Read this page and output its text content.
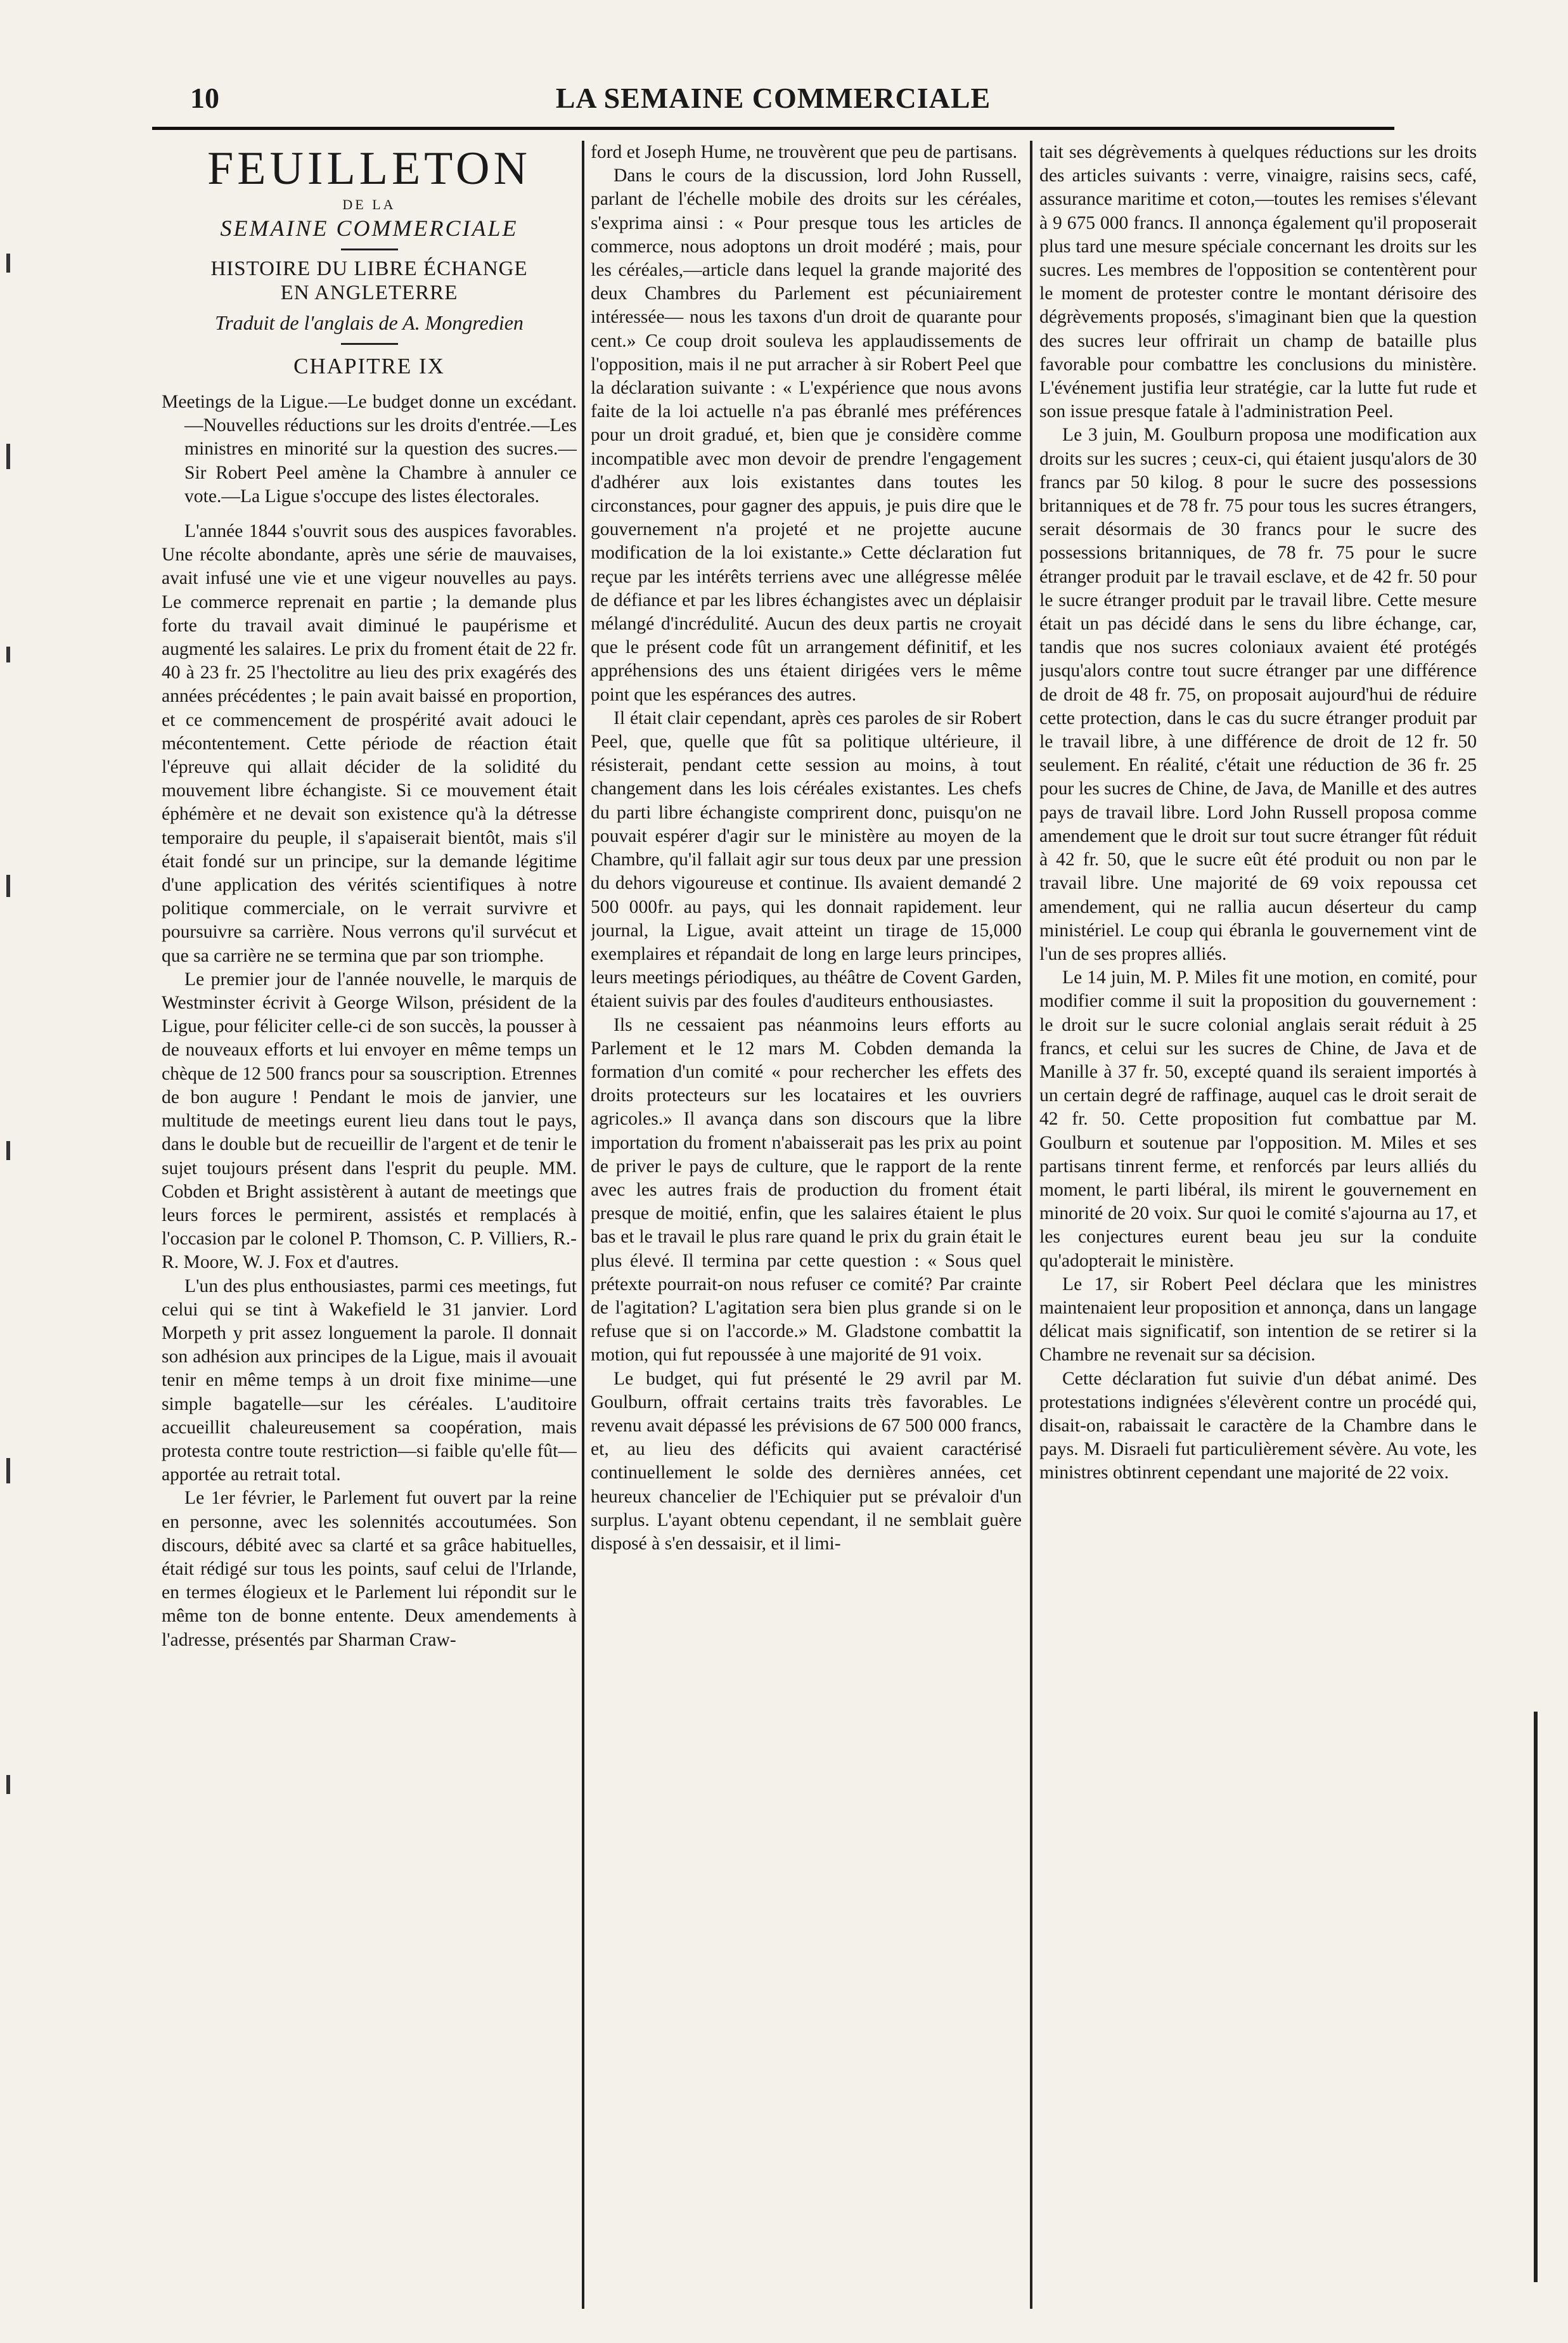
10	LA SEMAINE COMMERCIALE
FEUILLETON
DE LA
SEMAINE COMMERCIALE
HISTOIRE DU LIBRE ÉCHANGE
EN ANGLETERRE
Traduit de l'anglais de A. Mongredien
CHAPITRE IX

Meetings de la Ligue.—Le budget donne un excédant.—Nouvelles réductions sur les droits d'entrée.—Les ministres en minorité sur la question des sucres.—Sir Robert Peel amène la Chambre à annuler ce vote.—La Ligue s'occupe des listes électorales.

L'année 1844 s'ouvrit sous des auspices favorables. Une récolte abondante, après une série de mauvaises, avait infusé une vie et une vigeur nouvelles au pays. Le commerce reprenait en partie ; la demande plus forte du travail avait diminué le paupérisme et augmenté les salaires. Le prix du froment était de 22 fr. 40 à 23 fr. 25 l'hectolitre au lieu des prix exagérés des années précédentes ; le pain avait baissé en proportion, et ce commencement de prospérité avait adouci le mécontentement. Cette période de réaction était l'épreuve qui allait décider de la solidité du mouvement libre échangiste. Si ce mouvement était éphémère et ne devait son existence qu'à la détresse temporaire du peuple, il s'apaiserait bientôt, mais s'il était fondé sur un principe, sur la demande légitime d'une application des vérités scientifiques à notre politique commerciale, on le verrait survivre et poursuivre sa carrière. Nous verrons qu'il survécut et que sa carrière ne se termina que par son triomphe.

Le premier jour de l'année nouvelle, le marquis de Westminster écrivit à George Wilson, président de la Ligue, pour féliciter celle-ci de son succès, la pousser à de nouveaux efforts et lui envoyer en même temps un chèque de 12 500 francs pour sa souscription. Etrennes de bon augure ! Pendant le mois de janvier, une multitude de meetings eurent lieu dans tout le pays, dans le double but de recueillir de l'argent et de tenir le sujet toujours présent dans l'esprit du peuple. MM. Cobden et Bright assistèrent à autant de meetings que leurs forces le permirent, assistés et remplacés à l'occasion par le colonel P. Thomson, C. P. Villiers, R.-R. Moore, W. J. Fox et d'autres.

L'un des plus enthousiastes, parmi ces meetings, fut celui qui se tint à Wakefield le 31 janvier. Lord Morpeth y prit assez longuement la parole. Il donnait son adhésion aux principes de la Ligue, mais il avouait tenir en même temps à un droit fixe minime—une simple bagatelle—sur les céréales. L'auditoire accueillit chaleureusement sa coopération, mais protesta contre toute restriction—si faible qu'elle fût—apportée au retrait total.

Le 1er février, le Parlement fut ouvert par la reine en personne, avec les solennités accoutumées. Son discours, débité avec sa clarté et sa grâce habituelles, était rédigé sur tous les points, sauf celui de l'Irlande, en termes élogieux et le Parlement lui répondit sur le même ton de bonne entente. Deux amendements à l'adresse, présentés par Sharman Craw-

ford et Joseph Hume, ne trouvèrent que peu de partisans.

Dans le cours de la discussion, lord John Russell, parlant de l'échelle mobile des droits sur les céréales, s'exprima ainsi : « Pour presque tous les articles de commerce, nous adoptons un droit modéré ; mais, pour les céréales,—article dans lequel la grande majorité des deux Chambres du Parlement est pécuniairement intéressée— nous les taxons d'un droit de quarante pour cent.» Ce coup droit souleva les applaudissements de l'opposition, mais il ne put arracher à sir Robert Peel que la déclaration suivante : « L'expérience que nous avons faite de la loi actuelle n'a pas ébranlé mes préférences pour un droit gradué, et, bien que je considère comme incompatible avec mon devoir de prendre l'engagement d'adhérer aux lois existantes dans toutes les circonstances, pour gagner des appuis, je puis dire que le gouvernement n'a projeté et ne projette aucune modification de la loi existante.» Cette déclaration fut reçue par les intérêts terriens avec une allégresse mêlée de défiance et par les libres échangistes avec un déplaisir mélangé d'incrédulité. Aucun des deux partis ne croyait que le présent code fût un arrangement définitif, et les appréhensions des uns étaient dirigées vers le même point que les espérances des autres.

Il était clair cependant, après ces paroles de sir Robert Peel, que, quelle que fût sa politique ultérieure, il résisterait, pendant cette session au moins, à tout changement dans les lois céréales existantes. Les chefs du parti libre échangiste comprirent donc, puisqu'on ne pouvait espérer d'agir sur le ministère au moyen de la Chambre, qu'il fallait agir sur tous deux par une pression du dehors vigoureuse et continue. Ils avaient demandé 2 500 000fr. au pays, qui les donnait rapidement. leur journal, la Ligue, avait atteint un tirage de 15,000 exemplaires et répandait de long en large leurs principes, leurs meetings périodiques, au théâtre de Covent Garden, étaient suivis par des foules d'auditeurs enthousiastes.

Ils ne cessaient pas néanmoins leurs efforts au Parlement et le 12 mars M. Cobden demanda la formation d'un comité « pour rechercher les effets des droits protecteurs sur les locataires et les ouvriers agricoles.» Il avança dans son discours que la libre importation du froment n'abaisserait pas les prix au point de priver le pays de culture, que le rapport de la rente avec les autres frais de production du froment était presque de moitié, enfin, que les salaires étaient le plus bas et le travail le plus rare quand le prix du grain était le plus élevé. Il termina par cette question : « Sous quel prétexte pourrait-on nous refuser ce comité? Par crainte de l'agitation? L'agitation sera bien plus grande si on le refuse que si on l'accorde.» M. Gladstone combattit la motion, qui fut repoussée à une majorité de 91 voix.

Le budget, qui fut présenté le 29 avril par M. Goulburn, offrait certains traits très favorables. Le revenu avait dépassé les prévisions de 67 500 000 francs, et, au lieu des déficits qui avaient caractérisé continuellement le solde des dernières années, cet heureux chancelier de l'Echiquier put se prévaloir d'un surplus. L'ayant obtenu cependant, il ne semblait guère disposé à s'en dessaisir, et il limi-

tait ses dégrèvements à quelques réductions sur les droits des articles suivants : verre, vinaigre, raisins secs, café, assurance maritime et coton,—toutes les remises s'élevant à 9 675 000 francs. Il annonça également qu'il proposerait plus tard une mesure spéciale concernant les droits sur les sucres. Les membres de l'opposition se contentèrent pour le moment de protester contre le montant dérisoire des dégrèvements proposés, s'imaginant bien que la question des sucres leur offrirait un champ de bataille plus favorable pour combattre les conclusions du ministère. L'événement justifia leur stratégie, car la lutte fut rude et son issue presque fatale à l'administration Peel.

Le 3 juin, M. Goulburn proposa une modification aux droits sur les sucres ; ceux-ci, qui étaient jusqu'alors de 30 francs par 50 kilog. 8 pour le sucre des possessions britanniques et de 78 fr. 75 pour tous les sucres étrangers, serait désormais de 30 francs pour le sucre des possessions britanniques, de 78 fr. 75 pour le sucre étranger produit par le travail esclave, et de 42 fr. 50 pour le sucre étranger produit par le travail libre. Cette mesure était un pas décidé dans le sens du libre échange, car, tandis que nos sucres coloniaux avaient été protégés jusqu'alors contre tout sucre étranger par une différence de droit de 48 fr. 75, on proposait aujourd'hui de réduire cette protection, dans le cas du sucre étranger produit par le travail libre, à une différence de droit de 12 fr. 50 seulement. En réalité, c'était une réduction de 36 fr. 25 pour les sucres de Chine, de Java, de Manille et des autres pays de travail libre. Lord John Russell proposa comme amendement que le droit sur tout sucre étranger fût réduit à 42 fr. 50, que le sucre eût été produit ou non par le travail libre. Une majorité de 69 voix repoussa cet amendement, qui ne rallia aucun déserteur du camp ministériel. Le coup qui ébranla le gouvernement vint de l'un de ses propres alliés.

Le 14 juin, M. P. Miles fit une motion, en comité, pour modifier comme il suit la proposition du gouvernement : le droit sur le sucre colonial anglais serait réduit à 25 francs, et celui sur les sucres de Chine, de Java et de Manille à 37 fr. 50, excepté quand ils seraient importés à un certain degré de raffinage, auquel cas le droit serait de 42 fr. 50. Cette proposition fut combattue par M. Goulburn et soutenue par l'opposition. M. Miles et ses partisans tinrent ferme, et renforcés par leurs alliés du moment, le parti libéral, ils mirent le gouvernement en minorité de 20 voix. Sur quoi le comité s'ajourna au 17, et les conjectures eurent beau jeu sur la conduite qu'adopterait le ministère.

Le 17, sir Robert Peel déclara que les ministres maintenaient leur proposition et annonça, dans un langage délicat mais significatif, son intention de se retirer si la Chambre ne revenait sur sa décision.

Cette déclaration fut suivie d'un débat animé. Des protestations indignées s'élevèrent contre un procédé qui, disait-on, rabaissait le caractère de la Chambre dans le pays. M. Disraeli fut particulièrement sévère. Au vote, les ministres obtinrent cependant une majorité de 22 voix.
